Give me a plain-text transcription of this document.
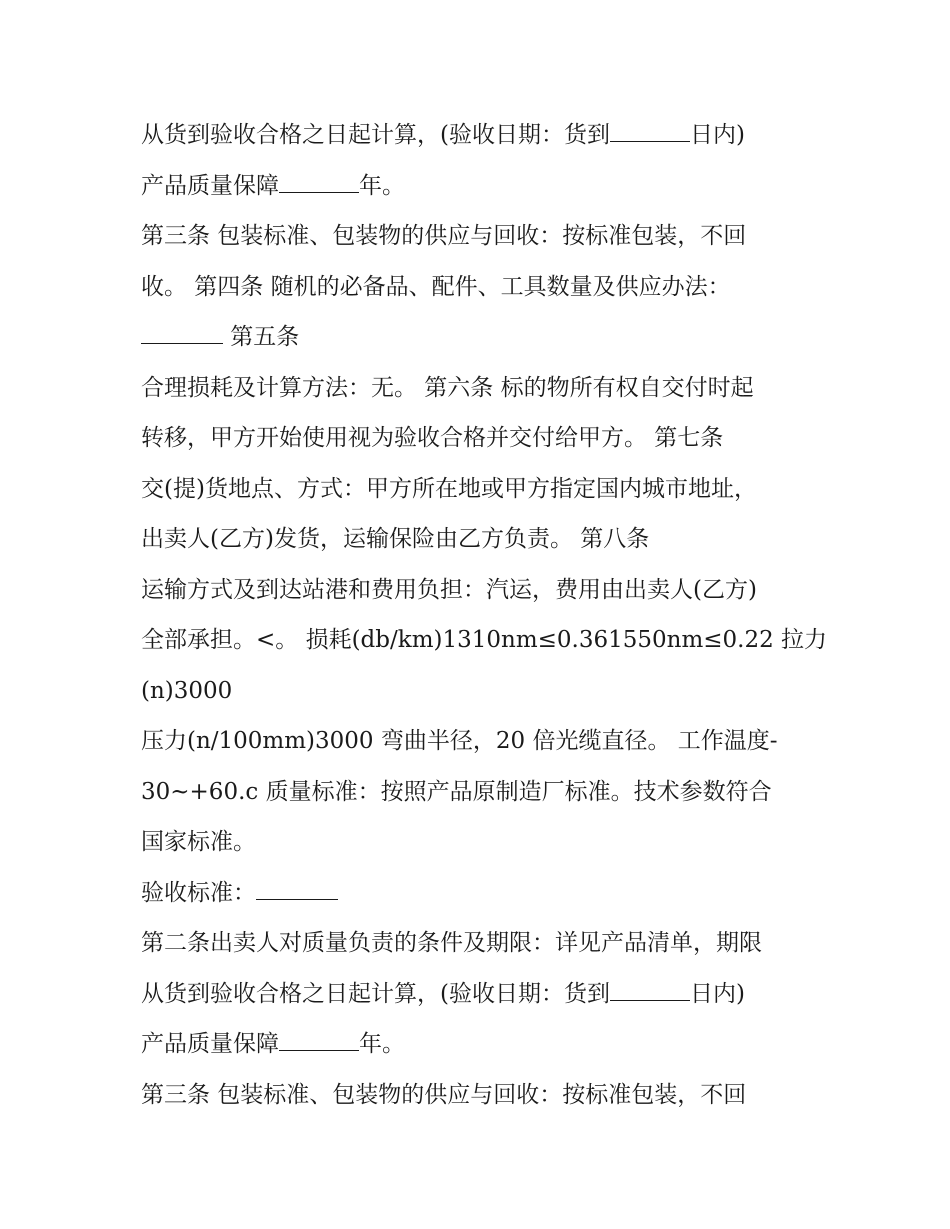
从货到验收合格之日起计算，(验收日期：货到	日内)
产品质量保障	年。
第三条 包装标准、包装物的供应与回收：按标准包装，不回
收。 第四条 随机的必备品、配件、工具数量及供应办法：
第五条
合理损耗及计算方法：无。 第六条 标的物所有权自交付时起
转移，甲方开始使用视为验收合格并交付给甲方。 第七条
交(提)货地点、方式：甲方所在地或甲方指定国内城市地址，
出卖人(乙方)发货，运输保险由乙方负责。 第八条
运输方式及到达站港和费用负担：汽运，费用由出卖人(乙方)
全部承担。<。 损耗(db/km)1310nm≤0.361550nm≤0.22 拉力
(n)3000
压力(n/100mm)3000 弯曲半径，20 倍光缆直径。 工作温度-
30~+60.c 质量标准：按照产品原制造厂标准。技术参数符合
国家标准。
验收标准：
第二条出卖人对质量负责的条件及期限：详见产品清单，期限
从货到验收合格之日起计算，(验收日期：货到	日内)
产品质量保障	年。
第三条 包装标准、包装物的供应与回收：按标准包装，不回
